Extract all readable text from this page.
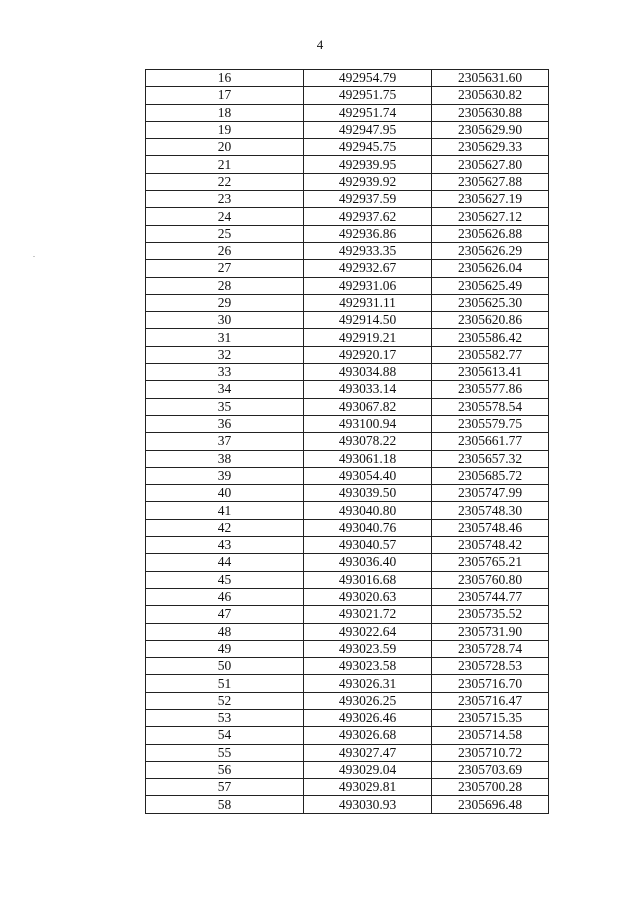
4
16	492954.79	2305631.60
17	492951.75	2305630.82
18	492951.74	2305630.88
19	492947.95	2305629.90
20	492945.75	2305629.33
21	492939.95	2305627.80
22	492939.92	2305627.88
23	492937.59	2305627.19
24	492937.62	2305627.12
25	492936.86	2305626.88
26	492933.35	2305626.29
27	492932.67	2305626.04
28	492931.06	2305625.49
29	492931.11	2305625.30
30	492914.50	2305620.86
31	492919.21	2305586.42
32	492920.17	2305582.77
33	493034.88	2305613.41
34	493033.14	2305577.86
35	493067.82	2305578.54
36	493100.94	2305579.75
37	493078.22	2305661.77
38	493061.18	2305657.32
39	493054.40	2305685.72
40	493039.50	2305747.99
41	493040.80	2305748.30
42	493040.76	2305748.46
43	493040.57	2305748.42
44	493036.40	2305765.21
45	493016.68	2305760.80
46	493020.63	2305744.77
47	493021.72	2305735.52
48	493022.64	2305731.90
49	493023.59	2305728.74
50	493023.58	2305728.53
51	493026.31	2305716.70
52	493026.25	2305716.47
53	493026.46	2305715.35
54	493026.68	2305714.58
55	493027.47	2305710.72
56	493029.04	2305703.69
57	493029.81	2305700.28
58	493030.93	2305696.48
